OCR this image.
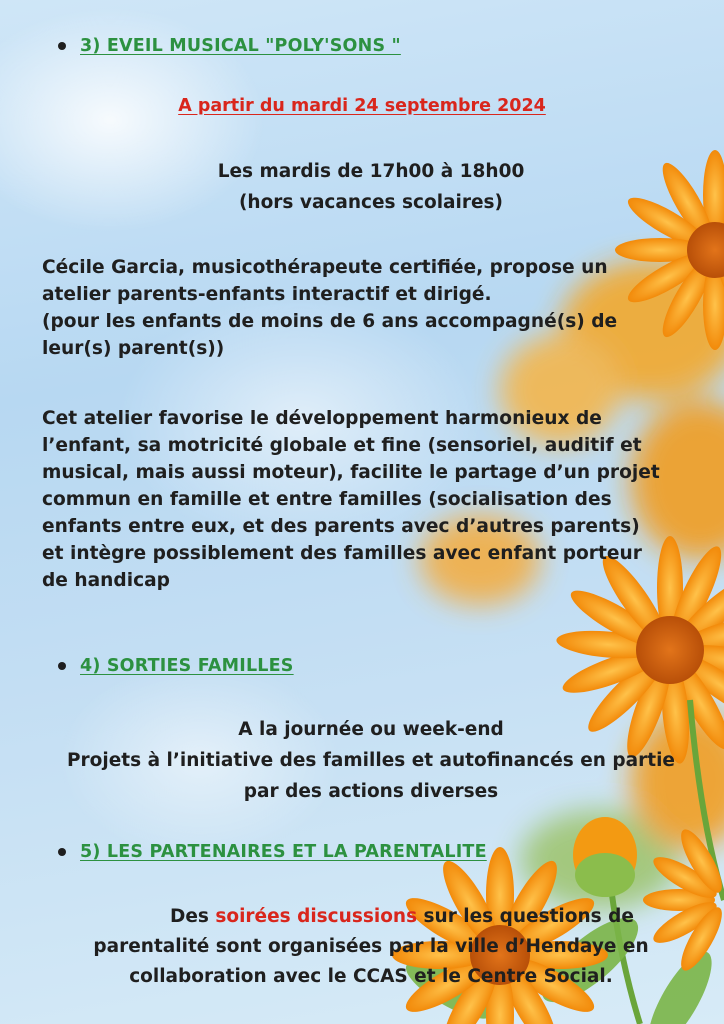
3) EVEIL MUSICAL "POLY'SONS "
A partir du mardi 24 septembre 2024
Les mardis de 17h00 à 18h00
(hors vacances scolaires)
Cécile Garcia, musicothérapeute certifiée, propose un
atelier parents-enfants interactif et dirigé.
(pour les enfants de moins de 6 ans accompagné(s) de
leur(s) parent(s))
Cet atelier favorise le développement harmonieux de
l’enfant, sa motricité globale et fine (sensoriel, auditif et
musical, mais aussi moteur), facilite le partage d’un projet
commun en famille et entre familles (socialisation des
enfants entre eux, et des parents avec d’autres parents)
et intègre possiblement des familles avec enfant porteur
de handicap
4) SORTIES FAMILLES
A la journée ou week-end
Projets à l’initiative des familles et autofinancés en partie
par des actions diverses
5) LES PARTENAIRES ET LA PARENTALITE
Des soirées discussions sur les questions de
parentalité sont organisées par la ville d’Hendaye en
collaboration avec le CCAS et le Centre Social.
